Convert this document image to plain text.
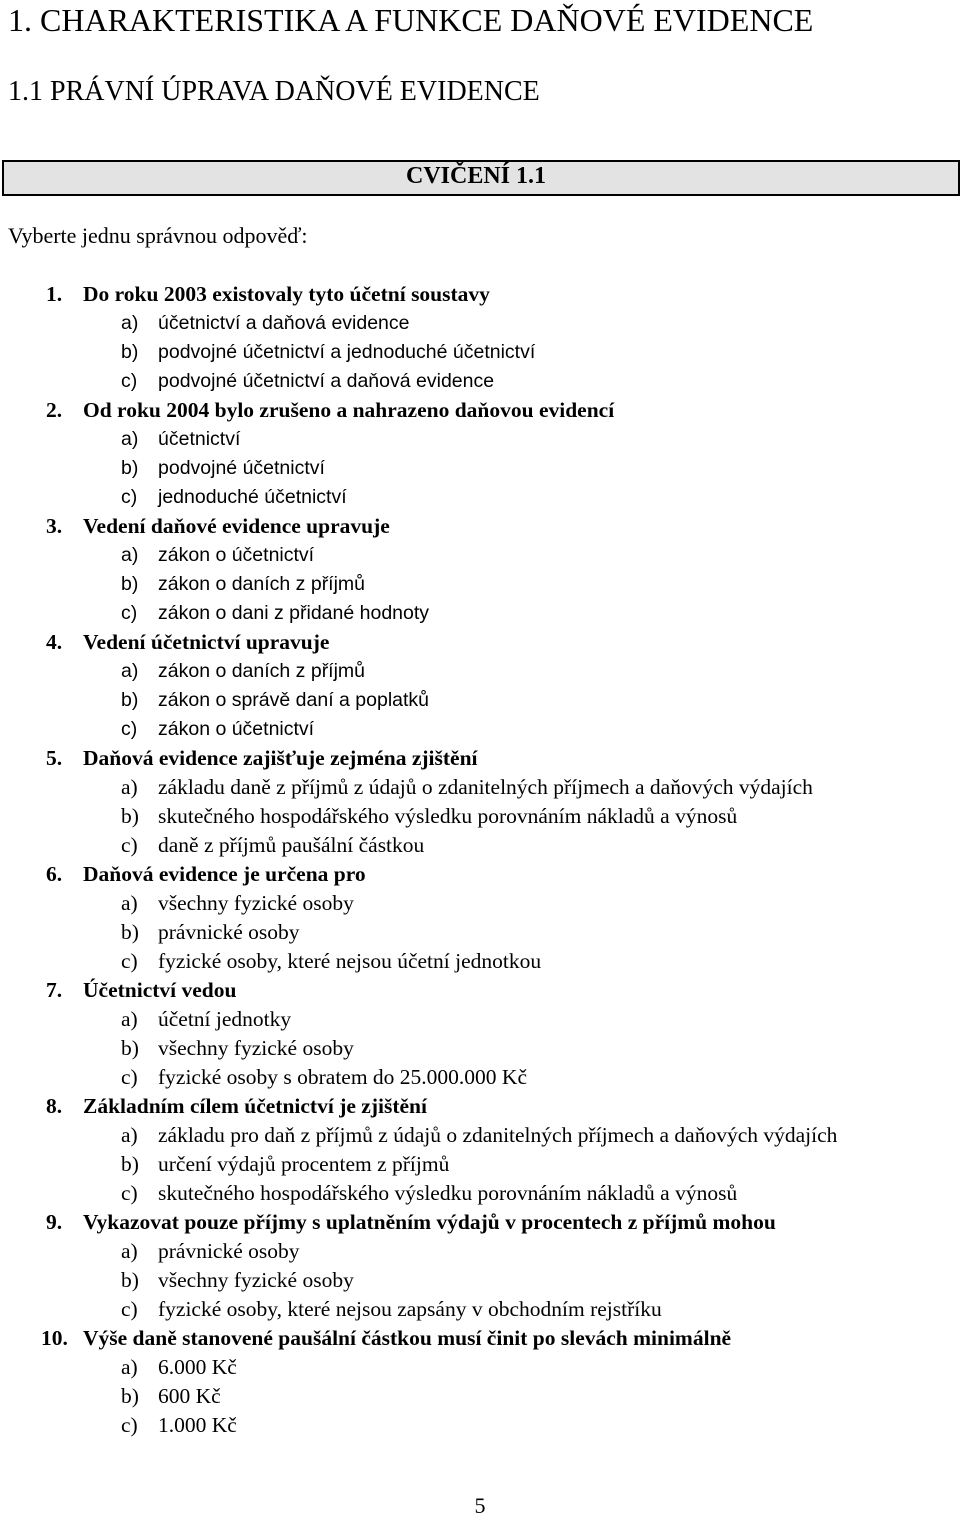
1. CHARAKTERISTIKA A FUNKCE DAŇOVÉ EVIDENCE
1.1 PRÁVNÍ ÚPRAVA DAŇOVÉ EVIDENCE
CVIČENÍ 1.1
Vyberte jednu správnou odpověď:
1. Do roku 2003 existovaly tyto účetní soustavy
a) účetnictví a daňová evidence
b) podvojné účetnictví a jednoduché účetnictví
c) podvojné účetnictví a daňová evidence
2. Od roku 2004 bylo zrušeno a nahrazeno daňovou evidencí
a) účetnictví
b) podvojné účetnictví
c) jednoduché účetnictví
3. Vedení daňové evidence upravuje
a) zákon o účetnictví
b) zákon o daních z příjmů
c) zákon o dani z přidané hodnoty
4. Vedení účetnictví upravuje
a) zákon o daních z příjmů
b) zákon o správě daní a poplatků
c) zákon o účetnictví
5. Daňová evidence zajišťuje zejména zjištění
a) základu daně z příjmů z údajů o zdanitelných příjmech a daňových výdajích
b) skutečného hospodářského výsledku porovnáním nákladů a výnosů
c) daně z příjmů paušální částkou
6. Daňová evidence je určena pro
a) všechny fyzické osoby
b) právnické osoby
c) fyzické osoby, které nejsou účetní jednotkou
7. Účetnictví vedou
a) účetní jednotky
b) všechny fyzické osoby
c) fyzické osoby s obratem do 25.000.000 Kč
8. Základním cílem účetnictví je zjištění
a) základu pro daň z příjmů z údajů o zdanitelných příjmech a daňových výdajích
b) určení výdajů procentem z příjmů
c) skutečného hospodářského výsledku porovnáním nákladů a výnosů
9. Vykazovat pouze příjmy s uplatněním výdajů v procentech z příjmů mohou
a) právnické osoby
b) všechny fyzické osoby
c) fyzické osoby, které nejsou zapsány v obchodním rejstříku
10. Výše daně stanovené paušální částkou musí činit po slevách minimálně
a) 6.000 Kč
b) 600 Kč
c) 1.000 Kč
5
